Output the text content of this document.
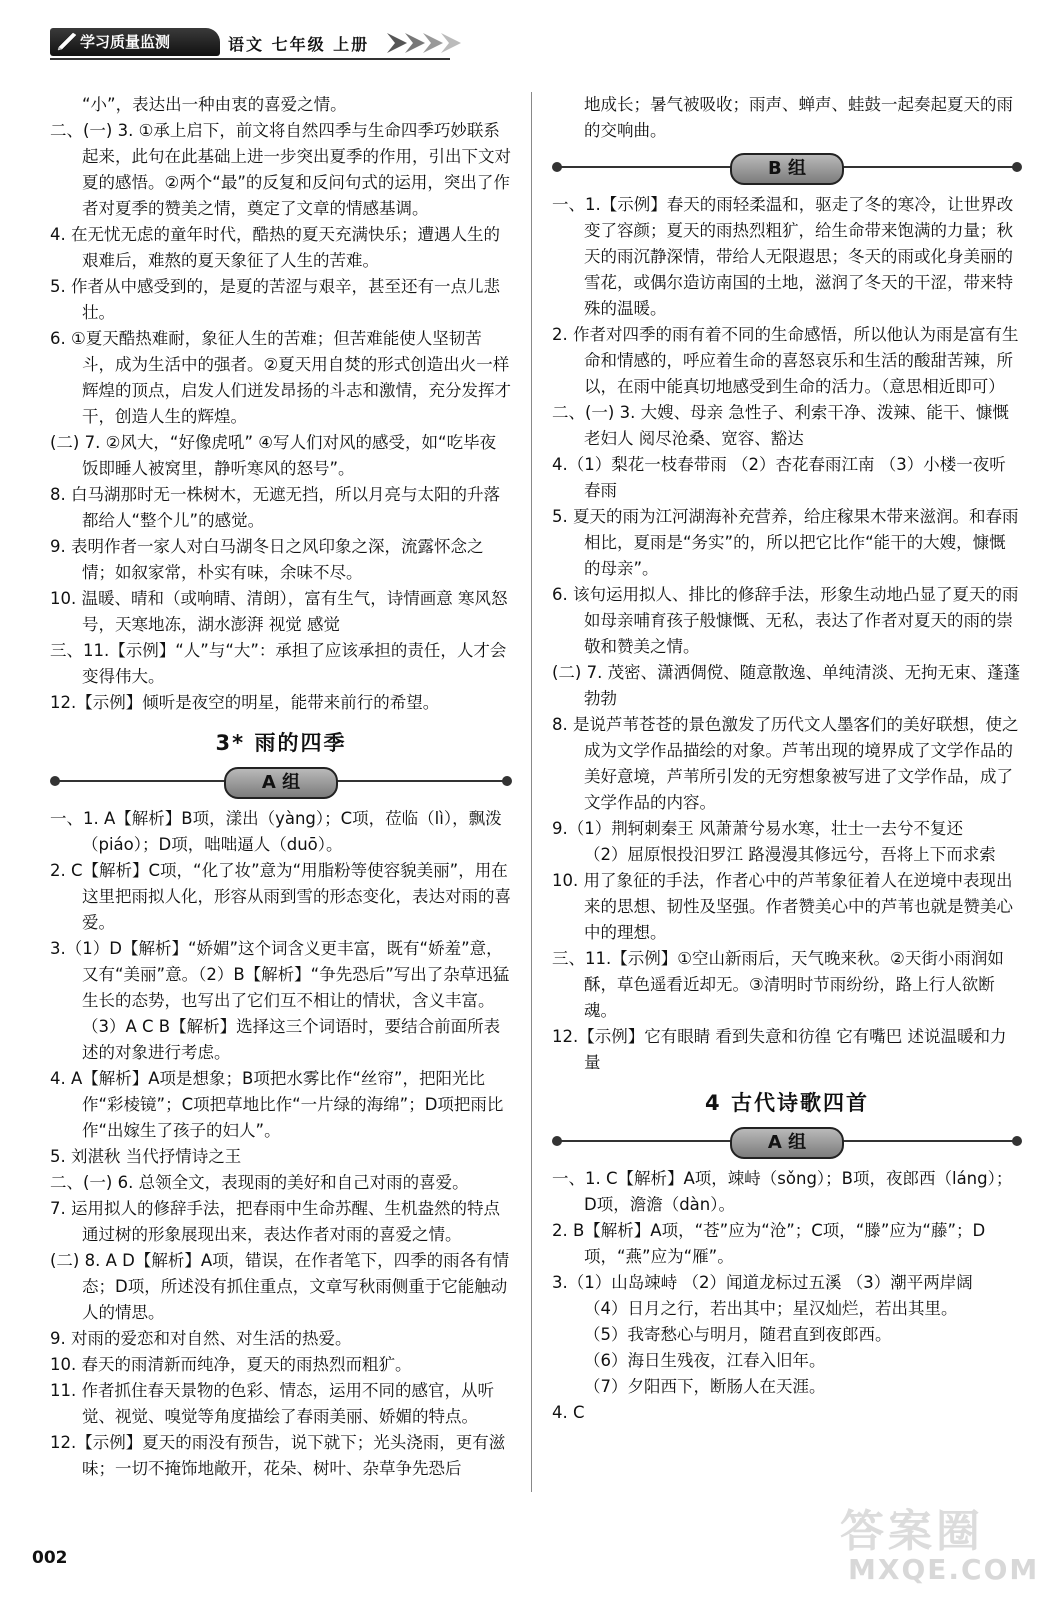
学习质量监测	语文 七年级 上册

“小”，表达出一种由衷的喜爱之情。

二、(一) 3. ①承上启下，前文将自然四季与生命四季巧妙联系起来，此句在此基础上进一步突出夏季的作用，引出下文对夏的感悟。②两个“最”的反复和反问句式的运用，突出了作者对夏季的赞美之情，奠定了文章的情感基调。

4. 在无忧无虑的童年时代，酷热的夏天充满快乐；遭遇人生的艰难后，难熬的夏天象征了人生的苦难。

5. 作者从中感受到的，是夏的苦涩与艰辛，甚至还有一点儿悲壮。

6. ①夏天酷热难耐，象征人生的苦难；但苦难能使人坚韧苦斗，成为生活中的强者。②夏天用自焚的形式创造出火一样辉煌的顶点，启发人们迸发昂扬的斗志和激情，充分发挥才干，创造人生的辉煌。

(二) 7. ②风大，“好像虎吼” ④写人们对风的感受，如“吃毕夜饭即睡人被窝里，静听寒风的怒号”。

8. 白马湖那时无一株树木，无遮无挡，所以月亮与太阳的升落都给人“整个儿”的感觉。

9. 表明作者一家人对白马湖冬日之风印象之深，流露怀念之情；如叙家常，朴实有味，余味不尽。

10. 温暖、晴和（或响晴、清朗），富有生气，诗情画意 寒风怒号，天寒地冻，湖水澎湃 视觉 感觉

三、11.【示例】“人”与“大”：承担了应该承担的责任，人才会变得伟大。

12.【示例】倾听是夜空的明星，能带来前行的希望。

3* 雨的四季
A 组

一、1. A【解析】B项，漾出（yàng）；C项，莅临（lì），飘泼（piáo）；D项，咄咄逼人（duō）。

2. C【解析】C项，“化了妆”意为“用脂粉等使容貌美丽”，用在这里把雨拟人化，形容从雨到雪的形态变化，表达对雨的喜爱。

3.（1）D【解析】“娇媚”这个词含义更丰富，既有“娇羞”意，又有“美丽”意。（2）B【解析】“争先恐后”写出了杂草迅猛生长的态势，也写出了它们互不相让的情状，含义丰富。（3）A C B【解析】选择这三个词语时，要结合前面所表述的对象进行考虑。

4. A【解析】A项是想象；B项把水雾比作“丝帘”，把阳光比作“彩棱镜”；C项把草地比作“一片绿的海绵”；D项把雨比作“出嫁生了孩子的妇人”。

5. 刘湛秋 当代抒情诗之王

二、(一) 6. 总领全文，表现雨的美好和自己对雨的喜爱。

7. 运用拟人的修辞手法，把春雨中生命苏醒、生机盎然的特点通过树的形象展现出来，表达作者对雨的喜爱之情。

(二) 8. A D【解析】A项，错误，在作者笔下，四季的雨各有情态；D项，所述没有抓住重点，文章写秋雨侧重于它能触动人的情思。

9. 对雨的爱恋和对自然、对生活的热爱。

10. 春天的雨清新而纯净，夏天的雨热烈而粗犷。

11. 作者抓住春天景物的色彩、情态，运用不同的感官，从听觉、视觉、嗅觉等角度描绘了春雨美丽、娇媚的特点。

12.【示例】夏天的雨没有预告，说下就下；光头浇雨，更有滋味；一切不掩饰地敞开，花朵、树叶、杂草争先恐后

地成长；暑气被吸收；雨声、蝉声、蛙鼓一起奏起夏天的雨的交响曲。

B 组

一、1.【示例】春天的雨轻柔温和，驱走了冬的寒冷，让世界改变了容颜；夏天的雨热烈粗犷，给生命带来饱满的力量；秋天的雨沉静深情，带给人无限遐思；冬天的雨或化身美丽的雪花，或偶尔造访南国的土地，滋润了冬天的干涩，带来特殊的温暖。

2. 作者对四季的雨有着不同的生命感悟，所以他认为雨是富有生命和情感的，呼应着生命的喜怒哀乐和生活的酸甜苦辣，所以，在雨中能真切地感受到生命的活力。（意思相近即可）

二、(一) 3. 大嫂、母亲 急性子、利索干净、泼辣、能干、慷慨 老妇人 阅尽沧桑、宽容、豁达

4.（1）梨花一枝春带雨 （2）杏花春雨江南 （3）小楼一夜听春雨

5. 夏天的雨为江河湖海补充营养，给庄稼果木带来滋润。和春雨相比，夏雨是“务实”的，所以把它比作“能干的大嫂，慷慨的母亲”。

6. 该句运用拟人、排比的修辞手法，形象生动地凸显了夏天的雨如母亲哺育孩子般慷慨、无私，表达了作者对夏天的雨的崇敬和赞美之情。

(二) 7. 茂密、潇洒倜傥、随意散逸、单纯清淡、无拘无束、蓬蓬勃勃

8. 是说芦苇苍苍的景色激发了历代文人墨客们的美好联想，使之成为文学作品描绘的对象。芦苇出现的境界成了文学作品的美好意境，芦苇所引发的无穷想象被写进了文学作品，成了文学作品的内容。

9.（1）荆轲刺秦王 风萧萧兮易水寒，壮士一去兮不复还

（2）屈原恨投汨罗江 路漫漫其修远兮，吾将上下而求索

10. 用了象征的手法，作者心中的芦苇象征着人在逆境中表现出来的思想、韧性及坚强。作者赞美心中的芦苇也就是赞美心中的理想。

三、11.【示例】①空山新雨后，天气晚来秋。②天街小雨润如酥，草色遥看近却无。③清明时节雨纷纷，路上行人欲断魂。

12.【示例】它有眼睛 看到失意和彷徨 它有嘴巴 述说温暖和力量

4 古代诗歌四首
A 组

一、1. C【解析】A项，竦峙（sǒng）；B项，夜郎西（láng）；D项，澹澹（dàn）。

2. B【解析】A项，“苍”应为“沧”；C项，“滕”应为“藤”；D项，“燕”应为“雁”。

3.（1）山岛竦峙 （2）闻道龙标过五溪 （3）潮平两岸阔

（4）日月之行，若出其中；星汉灿烂，若出其里。

（5）我寄愁心与明月，随君直到夜郎西。

（6）海日生残夜，江春入旧年。

（7）夕阳西下，断肠人在天涯。

4. C

002
答案圈
MXQE.COM
